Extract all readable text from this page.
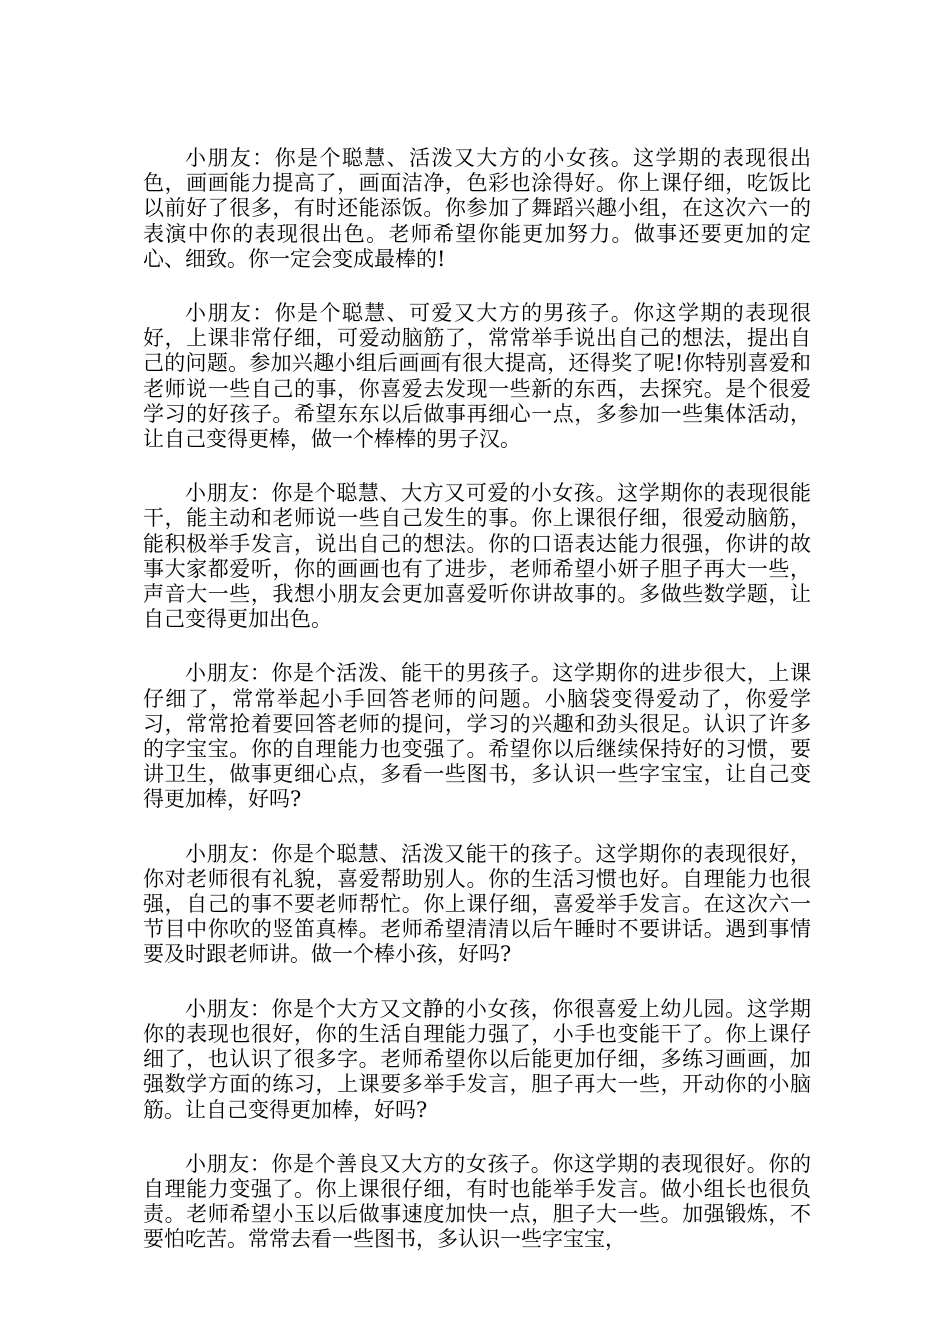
小朋友：你是个聪慧、活泼又大方的小女孩。这学期的表现很出色，画画能力提高了，画面洁净，色彩也涂得好。你上课仔细，吃饭比以前好了很多，有时还能添饭。你参加了舞蹈兴趣小组，在这次六一的表演中你的表现很出色。老师希望你能更加努力。做事还要更加的定心、细致。你一定会变成最棒的!

小朋友：你是个聪慧、可爱又大方的男孩子。你这学期的表现很好，上课非常仔细，可爱动脑筋了，常常举手说出自己的想法，提出自己的问题。参加兴趣小组后画画有很大提高，还得奖了呢!你特别喜爱和老师说一些自己的事，你喜爱去发现一些新的东西，去探究。是个很爱学习的好孩子。希望东东以后做事再细心一点，多参加一些集体活动，让自己变得更棒，做一个棒棒的男子汉。

小朋友：你是个聪慧、大方又可爱的小女孩。这学期你的表现很能干，能主动和老师说一些自己发生的事。你上课很仔细，很爱动脑筋，能积极举手发言，说出自己的想法。你的口语表达能力很强，你讲的故事大家都爱听，你的画画也有了进步，老师希望小妍子胆子再大一些，声音大一些，我想小朋友会更加喜爱听你讲故事的。多做些数学题，让自己变得更加出色。

小朋友：你是个活泼、能干的男孩子。这学期你的进步很大，上课仔细了，常常举起小手回答老师的问题。小脑袋变得爱动了，你爱学习，常常抢着要回答老师的提问，学习的兴趣和劲头很足。认识了许多的字宝宝。你的自理能力也变强了。希望你以后继续保持好的习惯，要讲卫生，做事更细心点，多看一些图书，多认识一些字宝宝，让自己变得更加棒，好吗?

小朋友：你是个聪慧、活泼又能干的孩子。这学期你的表现很好，你对老师很有礼貌，喜爱帮助别人。你的生活习惯也好。自理能力也很强，自己的事不要老师帮忙。你上课仔细，喜爱举手发言。在这次六一节目中你吹的竖笛真棒。老师希望清清以后午睡时不要讲话。遇到事情要及时跟老师讲。做一个棒小孩，好吗?

小朋友：你是个大方又文静的小女孩，你很喜爱上幼儿园。这学期你的表现也很好，你的生活自理能力强了，小手也变能干了。你上课仔细了，也认识了很多字。老师希望你以后能更加仔细，多练习画画，加强数学方面的练习，上课要多举手发言，胆子再大一些，开动你的小脑筋。让自己变得更加棒，好吗?

小朋友：你是个善良又大方的女孩子。你这学期的表现很好。你的自理能力变强了。你上课很仔细，有时也能举手发言。做小组长也很负责。老师希望小玉以后做事速度加快一点，胆子大一些。加强锻炼，不要怕吃苦。常常去看一些图书，多认识一些字宝宝，
